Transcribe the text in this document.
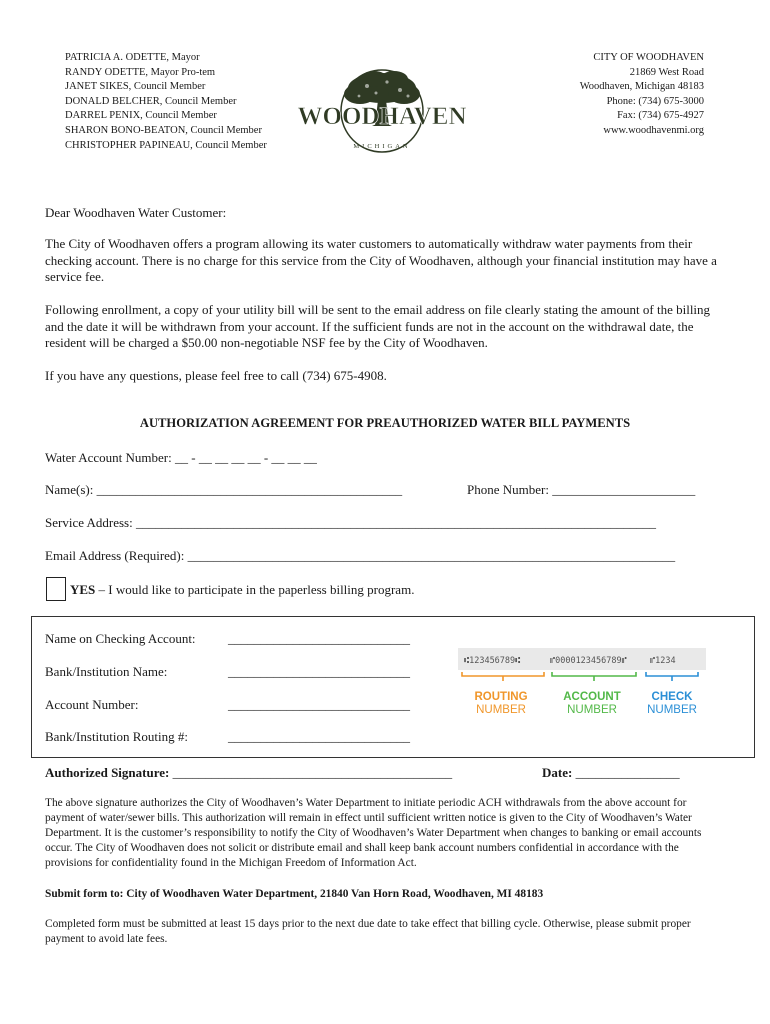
PATRICIA A. ODETTE, Mayor
RANDY ODETTE, Mayor Pro-tem
JANET SIKES, Council Member
DONALD BELCHER, Council Member
DARREL PENIX, Council Member
SHARON BONO-BEATON, Council Member
CHRISTOPHER PAPINEAU, Council Member
WOODHAVEN
MICHIGAN
CITY OF WOODHAVEN
21869 West Road
Woodhaven, Michigan 48183
Phone: (734) 675-3000
Fax: (734) 675-4927
www.woodhavenmi.org
Dear Woodhaven Water Customer:
The City of Woodhaven offers a program allowing its water customers to automatically withdraw water payments from their checking account. There is no charge for this service from the City of Woodhaven, although your financial institution may have a service fee.
Following enrollment, a copy of your utility bill will be sent to the email address on file clearly stating the amount of the billing and the date it will be withdrawn from your account. If the sufficient funds are not in the account on the withdrawal date, the resident will be charged a $50.00 non-negotiable NSF fee by the City of Woodhaven.
If you have any questions, please feel free to call (734) 675-4908.
AUTHORIZATION AGREEMENT FOR PREAUTHORIZED WATER BILL PAYMENTS
Water Account Number: __ - __ __ __ __ - __ __ __
Name(s): _______________________________________________	Phone Number: ______________________
Service Address: ________________________________________________________________________________
Email Address (Required): ___________________________________________________________________________
YES – I would like to participate in the paperless billing program.
Name on Checking Account: ____________________________
Bank/Institution Name:	____________________________
Account Number:	____________________________
Bank/Institution Routing #:	____________________________
⑆123456789⑆	⑈0000123456789⑈	⑈1234
ROUTING
NUMBER
ACCOUNT
NUMBER
CHECK
NUMBER
Authorized Signature: ___________________________________________	Date: ________________
The above signature authorizes the City of Woodhaven’s Water Department to initiate periodic ACH withdrawals from the above account for payment of water/sewer bills. This authorization will remain in effect until sufficient written notice is given to the City of Woodhaven’s Water Department. It is the customer’s responsibility to notify the City of Woodhaven’s Water Department when changes to banking or email accounts occur. The City of Woodhaven does not solicit or distribute email and shall keep bank account numbers confidential in accordance with the provisions for confidentiality found in the Michigan Freedom of Information Act.
Submit form to: City of Woodhaven Water Department, 21840 Van Horn Road, Woodhaven, MI 48183
Completed form must be submitted at least 15 days prior to the next due date to take effect that billing cycle. Otherwise, please submit proper payment to avoid late fees.
